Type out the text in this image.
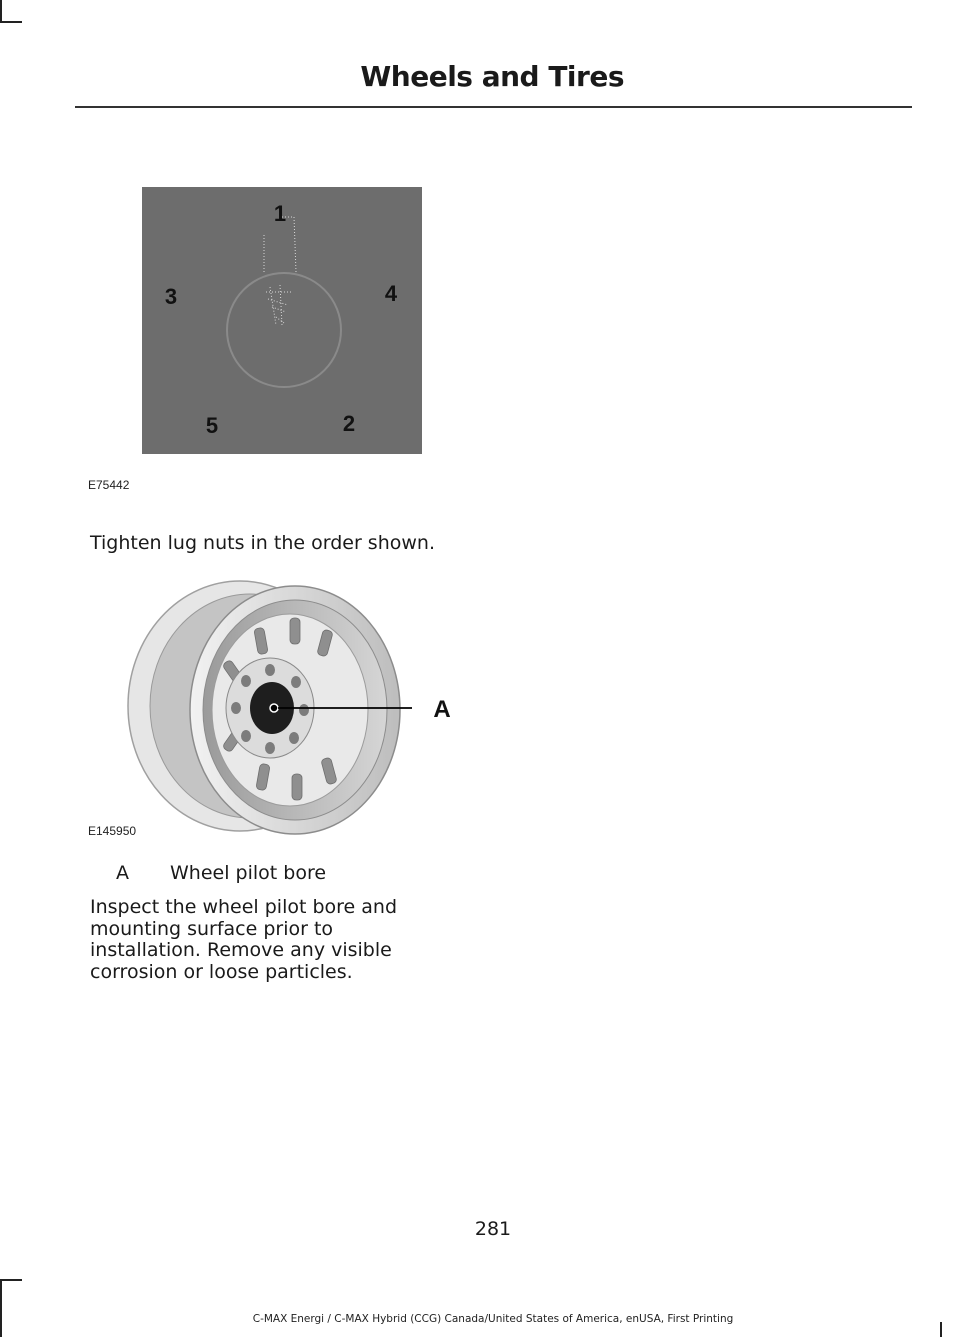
Wheels and Tires
1
2
3	4
5
E75442
Tighten lug nuts in the order shown.
A
E145950
A Wheel pilot bore
Inspect the wheel pilot bore and mounting surface prior to installation. Remove any visible corrosion or loose particles.
281
C-MAX Energi / C-MAX Hybrid (CCG) Canada/United States of America, enUSA, First Printing
